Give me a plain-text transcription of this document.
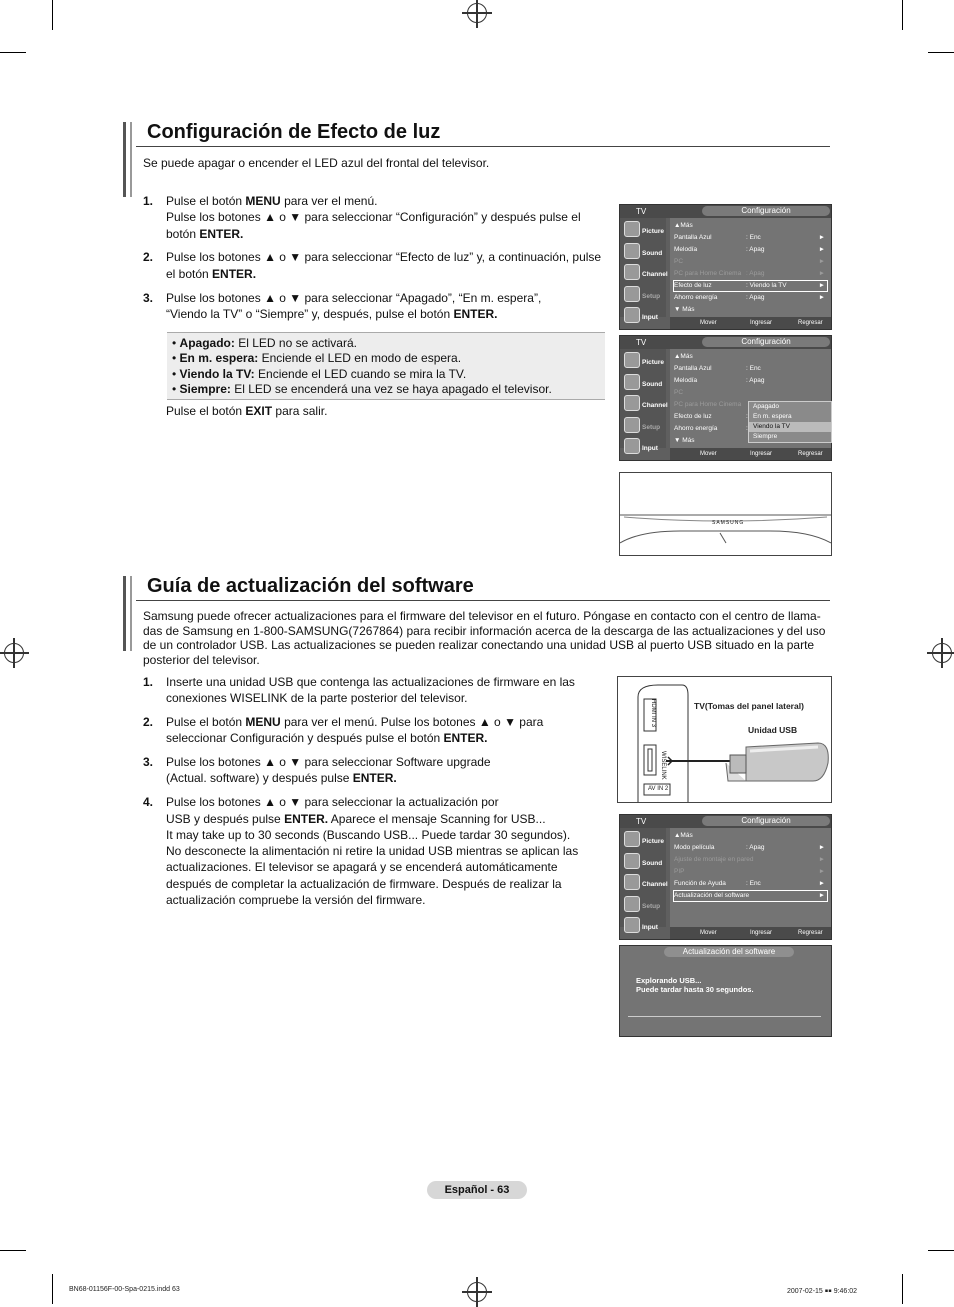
Configuración de Efecto de luz
Se puede apagar o encender el LED azul del frontal del televisor.
1. Pulse el botón MENU para ver el menú.
Pulse los botones ▲ o ▼ para seleccionar “Configuración” y después pulse el
botón ENTER.
2. Pulse los botones ▲ o ▼ para seleccionar “Efecto de luz” y, a continuación, pulse
el botón ENTER.
3. Pulse los botones ▲ o ▼ para seleccionar “Apagado”, “En m. espera”,
“Viendo la TV” o “Siempre” y, después, pulse el botón ENTER.
• Apagado: El LED no se activará.
• En m. espera: Enciende el LED en modo de espera.
• Viendo la TV: Enciende el LED cuando se mira la TV.
• Siempre: El LED se encenderá una vez se haya apagado el televisor.
Pulse el botón EXIT para salir.
TV	Configuración
Picture
Sound
Channel
Setup
Input
▲Más
Pantalla Azul	: Enc	►
Melodía	: Apag	►
PC	►
PC para Home Cinema : Apag	►
Efecto de luz	: Viendo la TV	►
Ahorro energía	: Apag	►
▼ Más
Mover	Ingresar	Regresar
TV	Configuración
Picture
Sound
Channel
Setup
Input
▲Más
Pantalla Azul	: Enc
Melodía	: Apag
PC
PC para Home Cinema
Efecto de luz	:
Ahorro energía	:
▼ Más
Apagado
En m. espera
Viendo la TV
Siempre
Mover	Ingresar	Regresar
SAMSUNG
Guía de actualización del software
Samsung puede ofrecer actualizaciones para el firmware del televisor en el futuro. Póngase en contacto con el centro de llama-
das de Samsung en 1-800-SAMSUNG(7267864) para recibir información acerca de la descarga de las actualizaciones y del uso
de un controlador USB. Las actualizaciones se pueden realizar conectando una unidad USB al puerto USB situado en la parte
posterior del televisor.
1. Inserte una unidad USB que contenga las actualizaciones de firmware en las
conexiones WISELINK de la parte posterior del televisor.
2. Pulse el botón MENU para ver el menú. Pulse los botones ▲ o ▼ para
seleccionar Configuración y después pulse el botón ENTER.
3. Pulse los botones ▲ o ▼ para seleccionar Software upgrade
(Actual. software) y después pulse ENTER.
4. Pulse los botones ▲ o ▼ para seleccionar la actualización por
USB y después pulse ENTER. Aparece el mensaje Scanning for USB...
It may take up to 30 seconds (Buscando USB... Puede tardar 30 segundos).
No desconecte la alimentación ni retire la unidad USB mientras se aplican las
actualizaciones. El televisor se apagará y se encenderá automáticamente
después de completar la actualización de firmware. Después de realizar la
actualización compruebe la versión del firmware.
HDMI IN 3
WISELINK
AV IN 2
TV(Tomas del panel lateral)
Unidad USB
TV	Configuración
Picture
Sound
Channel
Setup
Input
▲Más
Modo película	: Apag	►
Ajuste de montaje en pared	►
PIP	►
Función de Ayuda	: Enc	►
Actualización del software	►
Mover	Ingresar	Regresar
Actualización del software
Explorando USB...
Puede tardar hasta 30 segundos.
Español - 63
BN68-01156F-00-Spa-0215.indd 63	2007-02-15 ￭￭ 9:46:02
